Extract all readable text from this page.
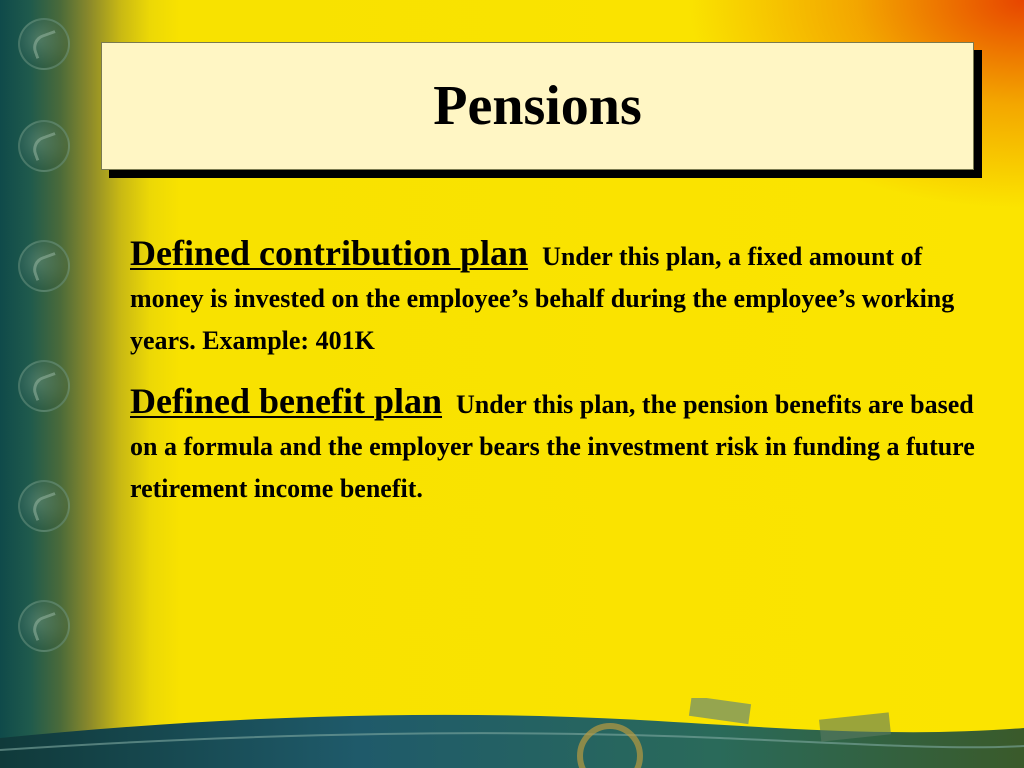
Pensions

Defined contribution plan Under this plan, a fixed amount of money is invested on the employee’s behalf during the employee’s working years. Example: 401K

Defined benefit plan Under this plan, the pension benefits are based on a formula and the employer bears the investment risk in funding a future retirement income benefit.
